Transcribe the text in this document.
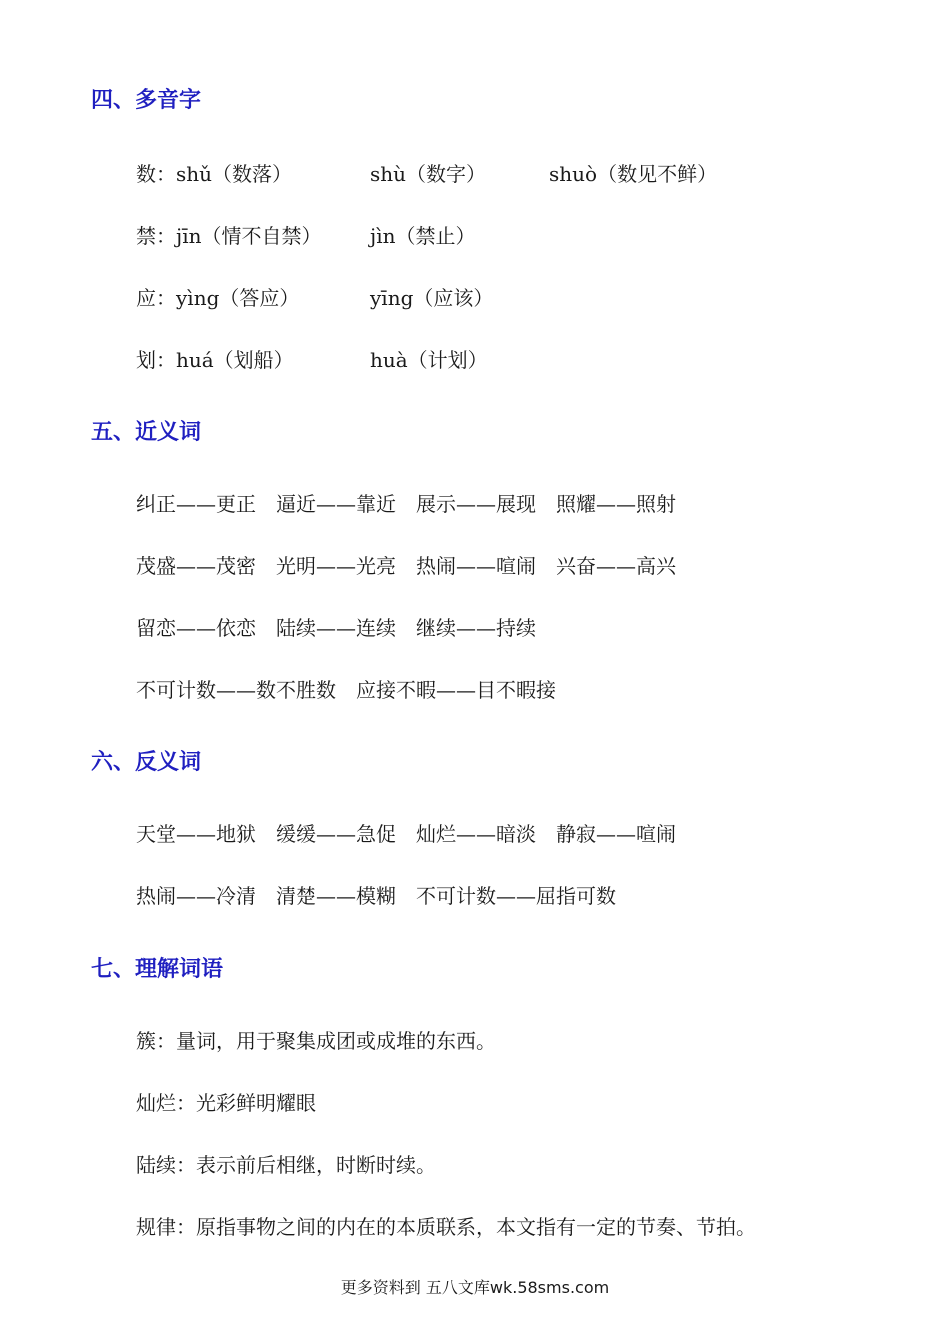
四、多音字
数：shǔ（数落）	shù（数字）	shuò（数见不鲜）
禁：jīn（情不自禁） jìn（禁止）
应：yìng（答应）	yīng（应该）
划：huá（划船）	huà（计划）
五、近义词
纠正——更正　逼近——靠近　展示——展现　照耀——照射
茂盛——茂密　光明——光亮　热闹——喧闹　兴奋——高兴
留恋——依恋　陆续——连续　继续——持续
不可计数——数不胜数　应接不暇——目不暇接
六、反义词
天堂——地狱　缓缓——急促　灿烂——暗淡　静寂——喧闹
热闹——冷清　清楚——模糊　不可计数——屈指可数
七、理解词语
簇：量词，用于聚集成团或成堆的东西。
灿烂：光彩鲜明耀眼
陆续：表示前后相继，时断时续。
规律：原指事物之间的内在的本质联系，本文指有一定的节奏、节拍。
更多资料到 五八文库wk.58sms.com
